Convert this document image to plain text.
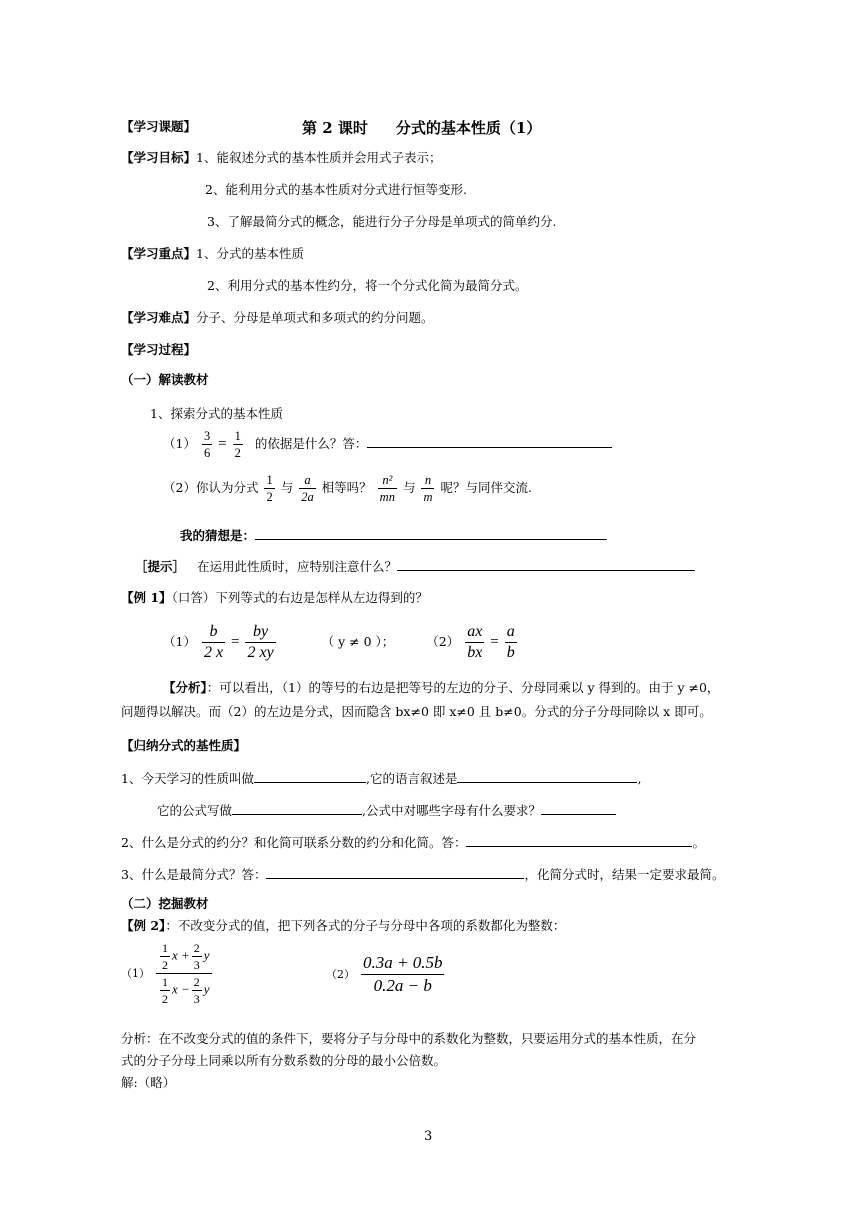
【学习课题】	第 2 课时 分式的基本性质（1）
【学习目标】1、能叙述分式的基本性质并会用式子表示；
2、能利用分式的基本性质对分式进行恒等变形.
3、了解最简分式的概念，能进行分子分母是单项式的简单约分.
【学习重点】1、分式的基本性质
2、利用分式的基本性约分，将一个分式化简为最简分式。
【学习难点】分子、分母是单项式和多项式的约分问题。
【学习过程】
（一）解读教材
1、探索分式的基本性质
$(1) \frac{3}{6} = \frac{1}{2}$ 的依据是什么？答：
（2）你认为分式 $\frac{1}{2}$ 与 $\frac{a}{2a}$ 相等吗？ $\frac{\text{n²}}{mn}$ 与 $\frac{n}{m}$ 呢？与同伴交流.
我的猜想是：
［提示］ 在运用此性质时，应特别注意什么？
【例 1】（口答）下列等式的右边是怎样从左边得到的？
$(1) \frac{b}{2 x} = \frac{by}{2 xy}$	（ y ≠ 0 ）；	$(2) \frac{ax}{bx} = \frac{a}{b}$
【分析】：可以看出，（1）的等号的右边是把等号的左边的分子、分母同乘以 y 得到的。由于 y ≠0，
问题得以解决。而（2）的左边是分式，因而隐含 bx≠0 即 x≠0 且 b≠0。分式的分子分母同除以 x 即可。
【归纳分式的基性质】
1、今天学习的性质叫做	,它的语言叙述是	,
它的公式写做	,公式中对哪些字母有什么要求？
2、什么是分式的约分？和化简可联系分数的约分和化简。答：	。
3、什么是最简分式？答：	，化简分式时，结果一定要求最简。
（二）挖掘教材
【例 2】：不改变分式的值，把下列各式的分子与分母中各项的系数都化为整数：
$(1) \frac{\frac{1}{2} x + \frac{2}{3} y}{\frac{1}{2} x - \frac{2}{3} y}$	$(2) \frac{0.3a + 0.5b}{0.2a - b}$
分析：在不改变分式的值的条件下，要将分子与分母中的系数化为整数，只要运用分式的基本性质，在分
式的分子分母上同乘以所有分数系数的分母的最小公倍数。
解:（略）
3
